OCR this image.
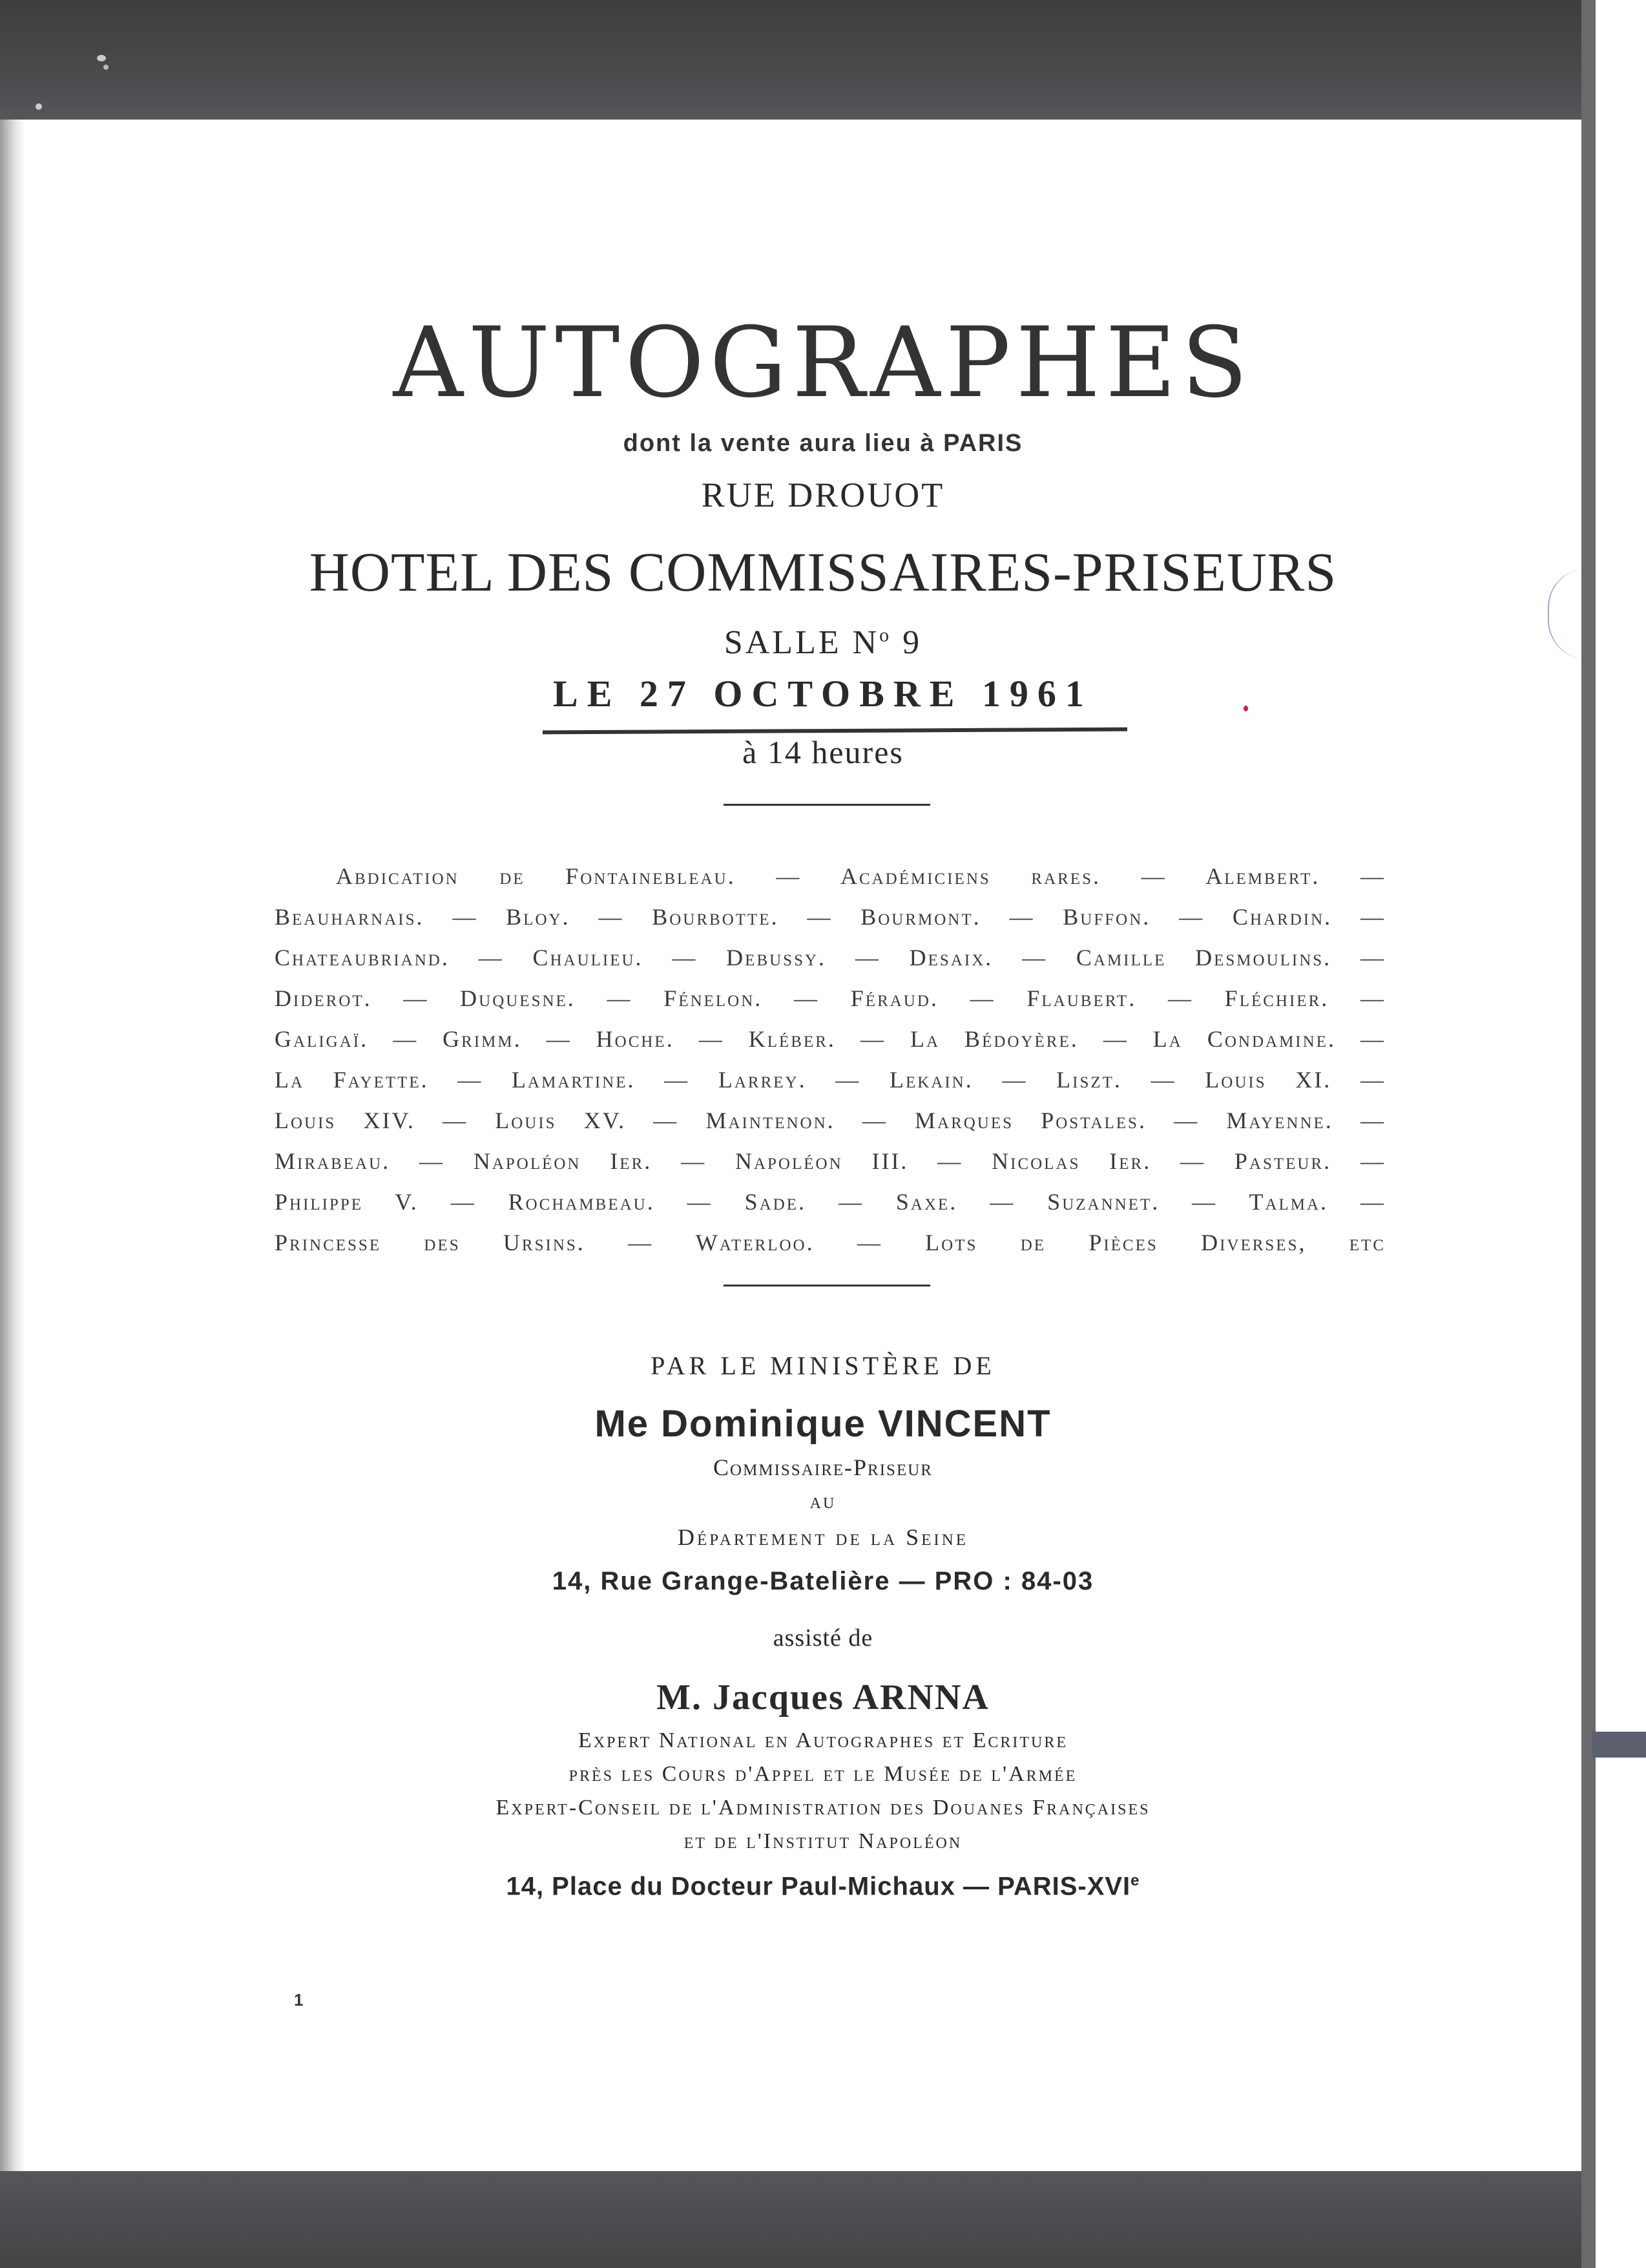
AUTOGRAPHES
dont la vente aura lieu à PARIS
RUE DROUOT
HOTEL DES COMMISSAIRES-PRISEURS
SALLE $N^o$ 9
LE 27 OCTOBRE 1961
à 14 heures
Abdication de Fontainebleau. — Académiciens rares. — Alembert. —
Beauharnais. — Bloy. — Bourbotte. — Bourmont. — Buffon. — Chardin. —
Chateaubriand. — Chaulieu. — Debussy. — Desaix. — Camille Desmoulins. —
Diderot. — Duquesne. — Fénelon. — Féraud. — Flaubert. — Fléchier. —
Galigaï. — Grimm. — Hoche. — Kléber. — La Bédoyère. — La Condamine. —
La Fayette. — Lamartine. — Larrey. — Lekain. — Liszt. — Louis XI. —
Louis XIV. — Louis XV. — Maintenon. — Marques Postales. — Mayenne. —
Mirabeau. — Napoléon Ier. — Napoléon III. — Nicolas Ier. — Pasteur. —
Philippe V. — Rochambeau. — Sade. — Saxe. — Suzannet. — Talma. —
Princesse des Ursins. — Waterloo. — Lots de Pièces Diverses, etc
PAR LE MINISTÈRE DE
Me Dominique VINCENT
Commissaire-Priseur
au
Département de la Seine
14, Rue Grange-Batelière — PRO : 84-03
assisté de
M. Jacques ARNNA
Expert National en Autographes et Ecriture
près les Cours d'Appel et le Musée de l'Armée
Expert-Conseil de l'Administration des Douanes Françaises
et de l'Institut Napoléon
14, Place du Docteur Paul-Michaux — PARIS-XVIe
1
